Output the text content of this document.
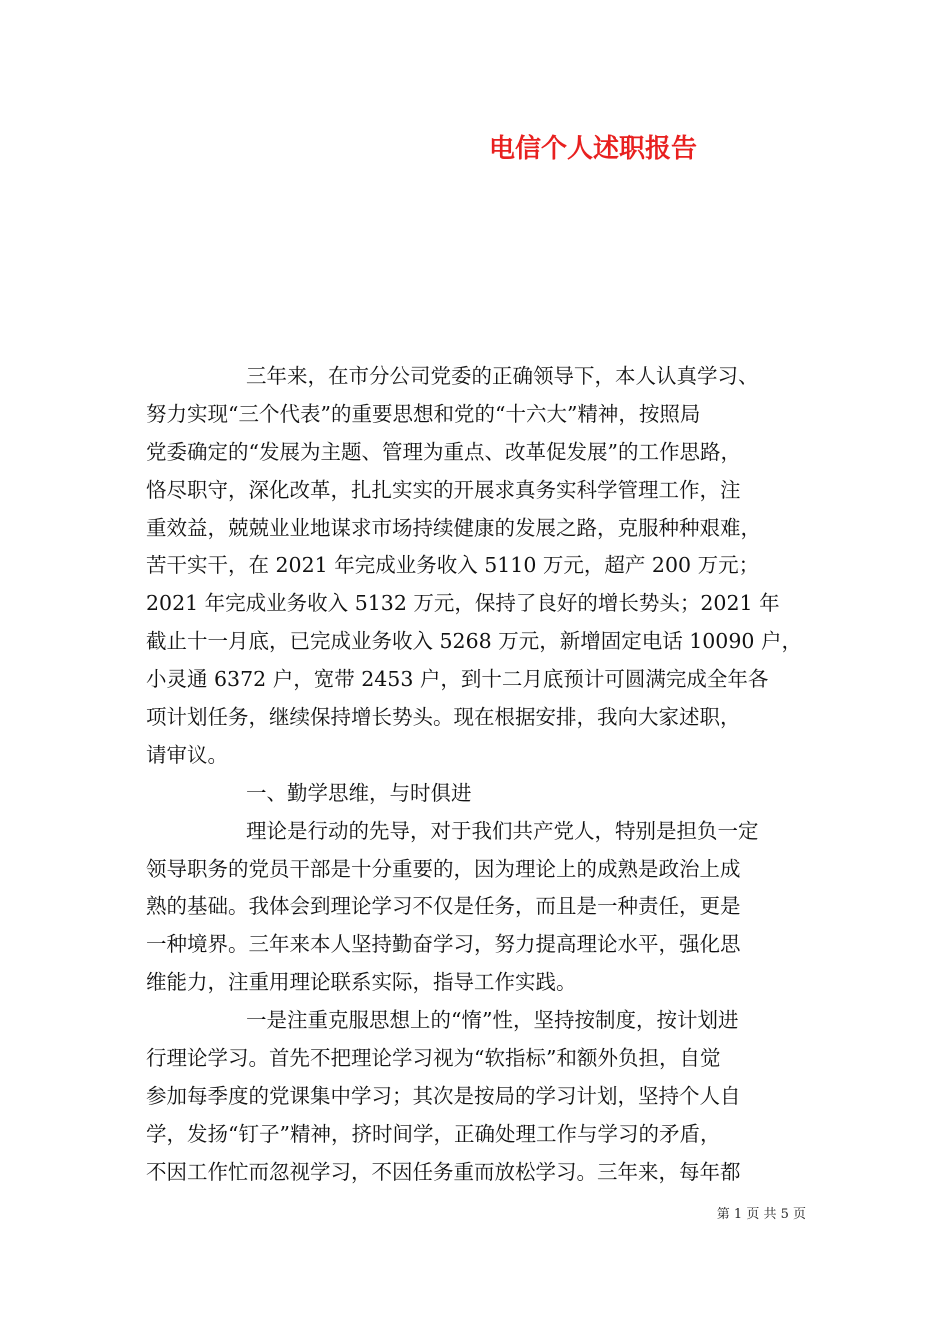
电信个人述职报告
三年来，在市分公司党委的正确领导下，本人认真学习、
努力实现“三个代表”的重要思想和党的“十六大”精神，按照局
党委确定的“发展为主题、管理为重点、改革促发展”的工作思路，
恪尽职守，深化改革，扎扎实实的开展求真务实科学管理工作，注
重效益，兢兢业业地谋求市场持续健康的发展之路，克服种种艰难，
苦干实干，在 2021 年完成业务收入 5110 万元，超产 200 万元；
2021 年完成业务收入 5132 万元，保持了良好的增长势头；2021 年
截止十一月底，已完成业务收入 5268 万元，新增固定电话 10090 户，
小灵通 6372 户，宽带 2453 户，到十二月底预计可圆满完成全年各
项计划任务，继续保持增长势头。现在根据安排，我向大家述职，
请审议。
一、勤学思维，与时俱进
理论是行动的先导，对于我们共产党人，特别是担负一定
领导职务的党员干部是十分重要的，因为理论上的成熟是政治上成
熟的基础。我体会到理论学习不仅是任务，而且是一种责任，更是
一种境界。三年来本人坚持勤奋学习，努力提高理论水平，强化思
维能力，注重用理论联系实际，指导工作实践。
一是注重克服思想上的“惰”性，坚持按制度，按计划进
行理论学习。首先不把理论学习视为“软指标”和额外负担，自觉
参加每季度的党课集中学习；其次是按局的学习计划，坚持个人自
学，发扬“钉子”精神，挤时间学，正确处理工作与学习的矛盾，
不因工作忙而忽视学习，不因任务重而放松学习。三年来，每年都
第 1 页 共 5 页
